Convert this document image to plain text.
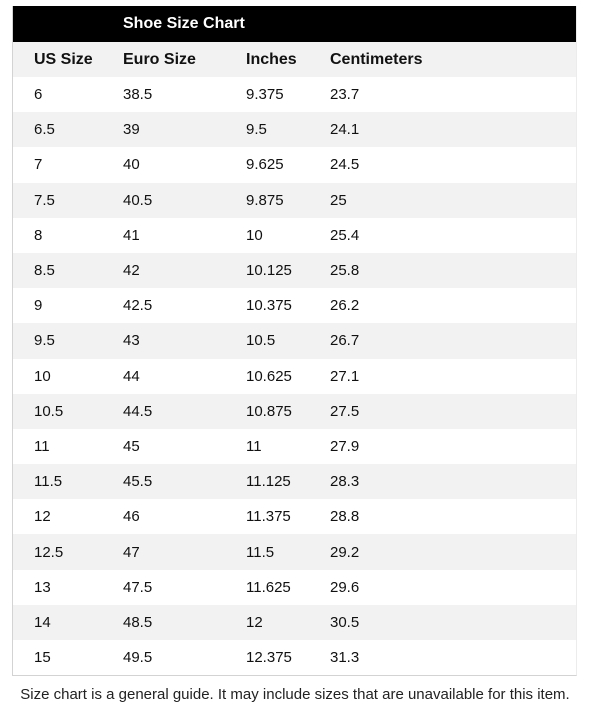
Shoe Size Chart
US Size	Euro Size	Inches	Centimeters
6	38.5	9.375	23.7
6.5	39	9.5	24.1
7	40	9.625	24.5
7.5	40.5	9.875	25
8	41	10	25.4
8.5	42	10.125	25.8
9	42.5	10.375	26.2
9.5	43	10.5	26.7
10	44	10.625	27.1
10.5	44.5	10.875	27.5
11	45	11	27.9
11.5	45.5	11.125	28.3
12	46	11.375	28.8
12.5	47	11.5	29.2
13	47.5	11.625	29.6
14	48.5	12	30.5
15	49.5	12.375	31.3
Size chart is a general guide. It may include sizes that are unavailable for this item.
